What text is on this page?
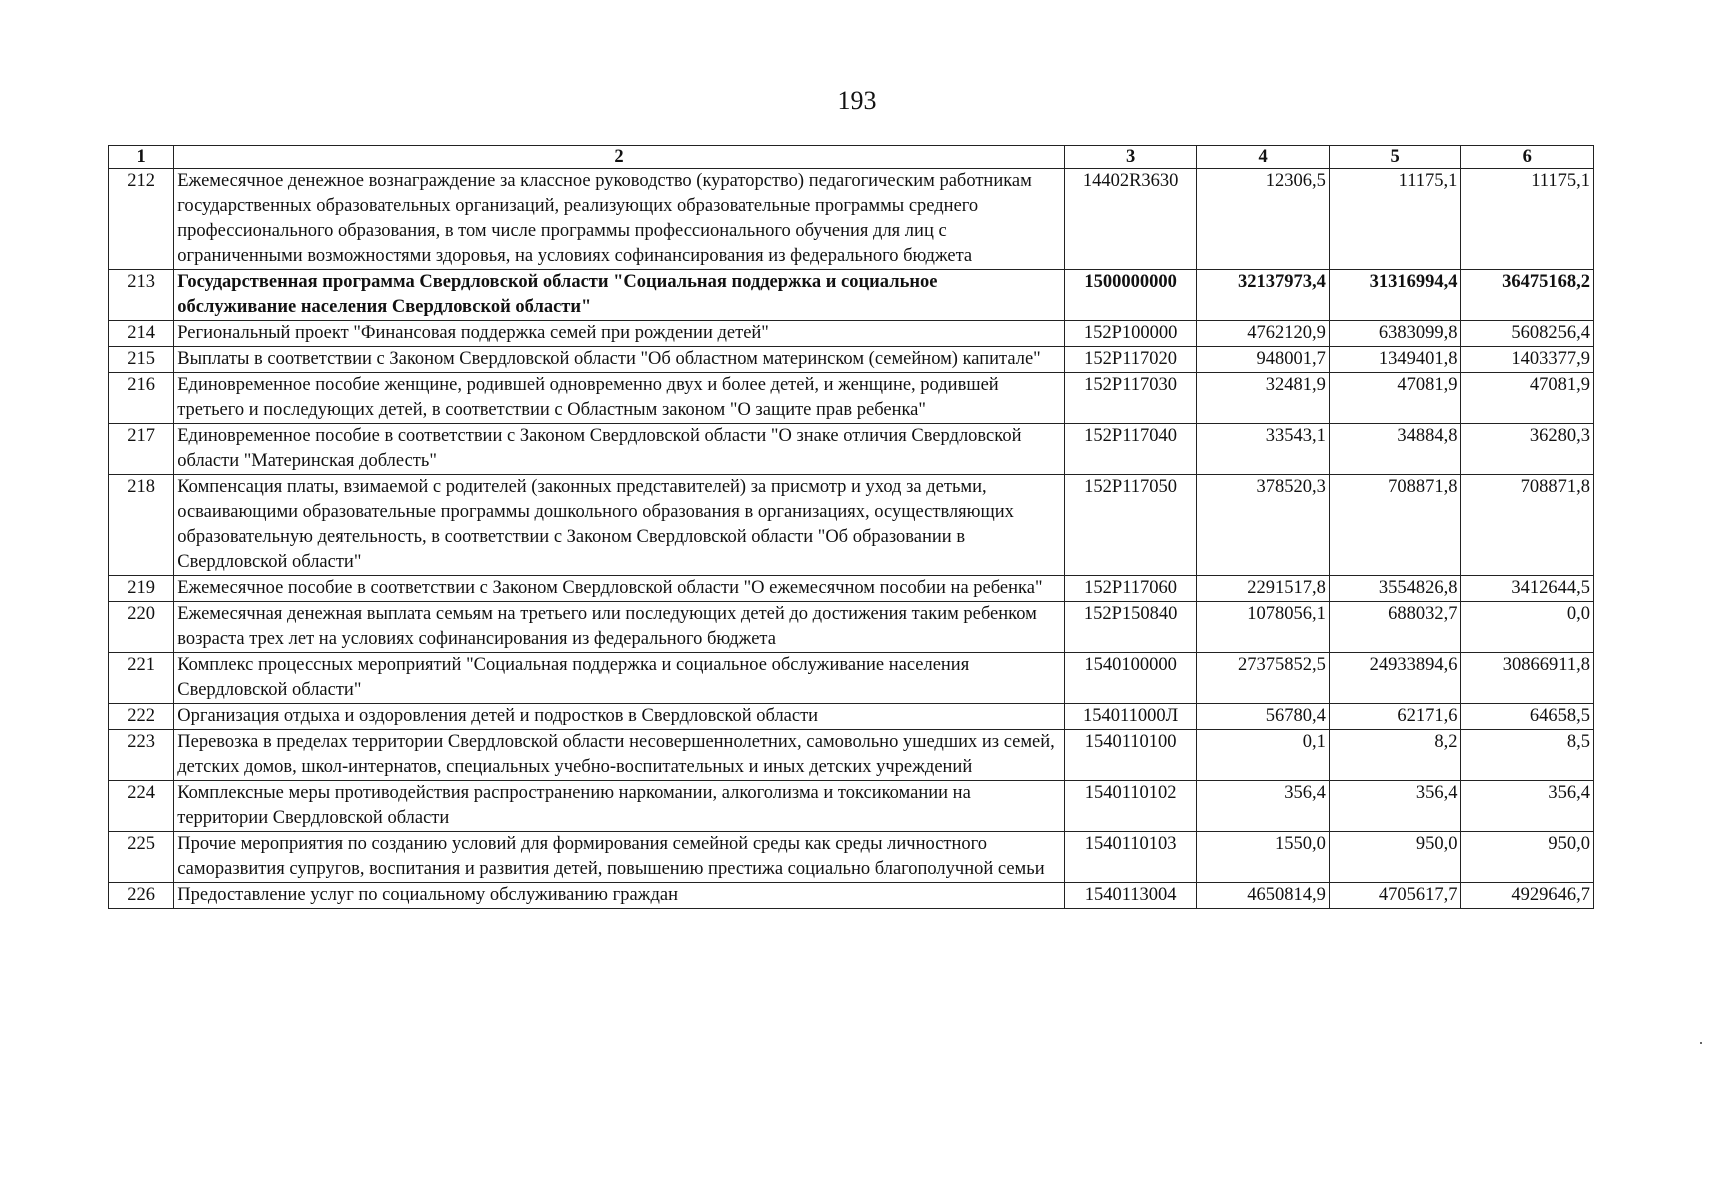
193
1	2	3	4	5	6
212	Ежемесячное денежное вознаграждение за классное руководство (кураторство) педагогическим работникам государственных образовательных организаций, реализующих образовательные программы среднего профессионального образования, в том числе программы профессионального обучения для лиц с ограниченными возможностями здоровья, на условиях софинансирования из федерального бюджета	14402R3630	12306,5	11175,1	11175,1
213	Государственная программа Свердловской области "Социальная поддержка и социальное обслуживание населения Свердловской области"	1500000000	32137973,4	31316994,4	36475168,2
214	Региональный проект "Финансовая поддержка семей при рождении детей"	152P100000	4762120,9	6383099,8	5608256,4
215	Выплаты в соответствии с Законом Свердловской области "Об областном материнском (семейном) капитале"	152P117020	948001,7	1349401,8	1403377,9
216	Единовременное пособие женщине, родившей одновременно двух и более детей, и женщине, родившей третьего и последующих детей, в соответствии с Областным законом "О защите прав ребенка"	152P117030	32481,9	47081,9	47081,9
217	Единовременное пособие в соответствии с Законом Свердловской области "О знаке отличия Свердловской области "Материнская доблесть"	152P117040	33543,1	34884,8	36280,3
218	Компенсация платы, взимаемой с родителей (законных представителей) за присмотр и уход за детьми, осваивающими образовательные программы дошкольного образования в организациях, осуществляющих образовательную деятельность, в соответствии с Законом Свердловской области "Об образовании в Свердловской области"	152P117050	378520,3	708871,8	708871,8
219	Ежемесячное пособие в соответствии с Законом Свердловской области "О ежемесячном пособии на ребенка"	152P117060	2291517,8	3554826,8	3412644,5
220	Ежемесячная денежная выплата семьям на третьего или последующих детей до достижения таким ребенком возраста трех лет на условиях софинансирования из федерального бюджета	152P150840	1078056,1	688032,7	0,0
221	Комплекс процессных мероприятий "Социальная поддержка и социальное обслуживание населения Свердловской области"	1540100000	27375852,5	24933894,6	30866911,8
222	Организация отдыха и оздоровления детей и подростков в Свердловской области	154011000Л	56780,4	62171,6	64658,5
223	Перевозка в пределах территории Свердловской области несовершеннолетних, самовольно ушедших из семей, детских домов, школ-интернатов, специальных учебно-воспитательных и иных детских учреждений	1540110100	0,1	8,2	8,5
224	Комплексные меры противодействия распространению наркомании, алкоголизма и токсикомании на территории Свердловской области	1540110102	356,4	356,4	356,4
225	Прочие мероприятия по созданию условий для формирования семейной среды как среды личностного саморазвития супругов, воспитания и развития детей, повышению престижа социально благополучной семьи	1540110103	1550,0	950,0	950,0
226	Предоставление услуг по социальному обслуживанию граждан	1540113004	4650814,9	4705617,7	4929646,7
